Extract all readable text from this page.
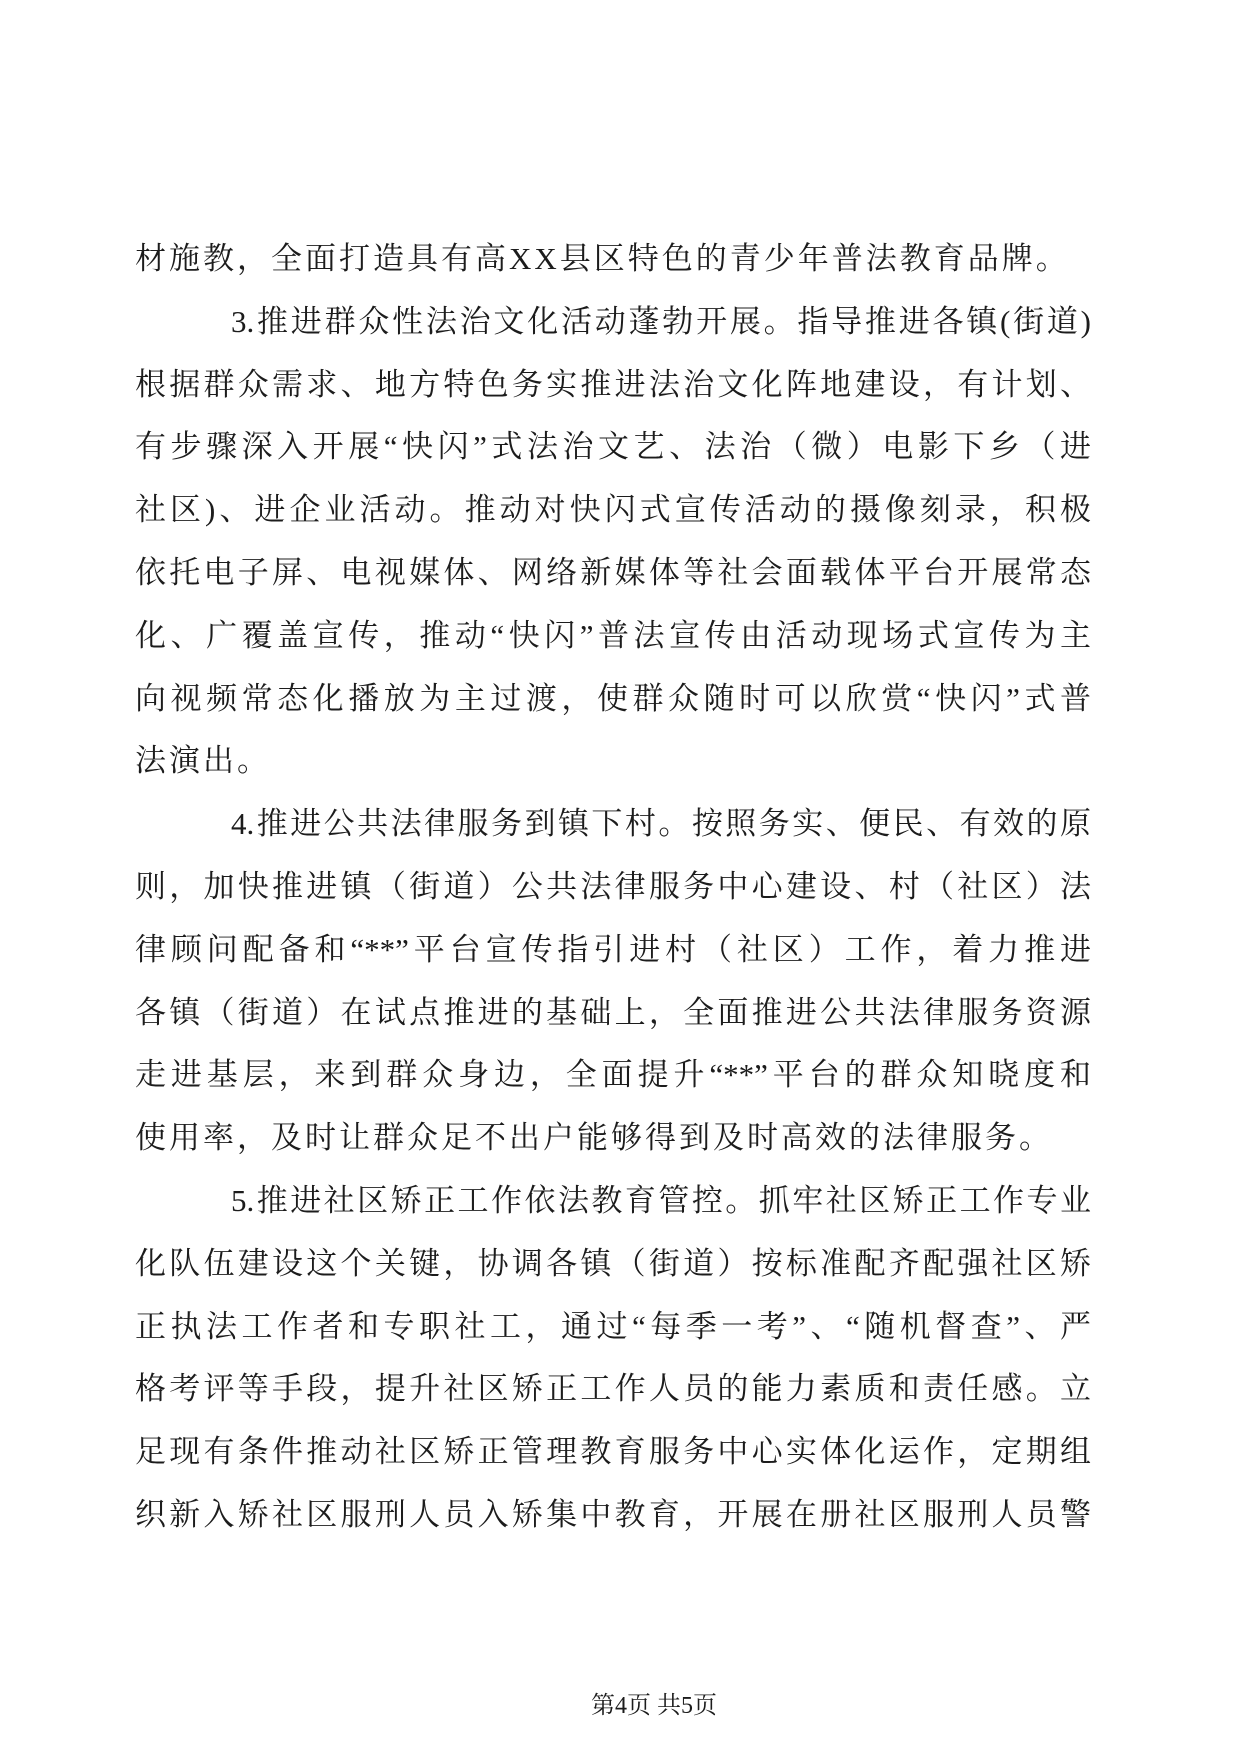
材施教，全面打造具有高XX县区特色的青少年普法教育品牌。
3.推进群众性法治文化活动蓬勃开展。指导推进各镇(街道)
根据群众需求、地方特色务实推进法治文化阵地建设，有计划、
有步骤深入开展“快闪”式法治文艺、法治（微）电影下乡（进
社区)、进企业活动。推动对快闪式宣传活动的摄像刻录，积极
依托电子屏、电视媒体、网络新媒体等社会面载体平台开展常态
化、广覆盖宣传，推动“快闪”普法宣传由活动现场式宣传为主
向视频常态化播放为主过渡，使群众随时可以欣赏“快闪”式普
法演出。
4.推进公共法律服务到镇下村。按照务实、便民、有效的原
则，加快推进镇（街道）公共法律服务中心建设、村（社区）法
律顾问配备和“**”平台宣传指引进村（社区）工作，着力推进
各镇（街道）在试点推进的基础上，全面推进公共法律服务资源
走进基层，来到群众身边，全面提升“**”平台的群众知晓度和
使用率，及时让群众足不出户能够得到及时高效的法律服务。
5.推进社区矫正工作依法教育管控。抓牢社区矫正工作专业
化队伍建设这个关键，协调各镇（街道）按标准配齐配强社区矫
正执法工作者和专职社工，通过“每季一考”、“随机督查”、严
格考评等手段，提升社区矫正工作人员的能力素质和责任感。立
足现有条件推动社区矫正管理教育服务中心实体化运作，定期组
织新入矫社区服刑人员入矫集中教育，开展在册社区服刑人员警
第4页 共5页
